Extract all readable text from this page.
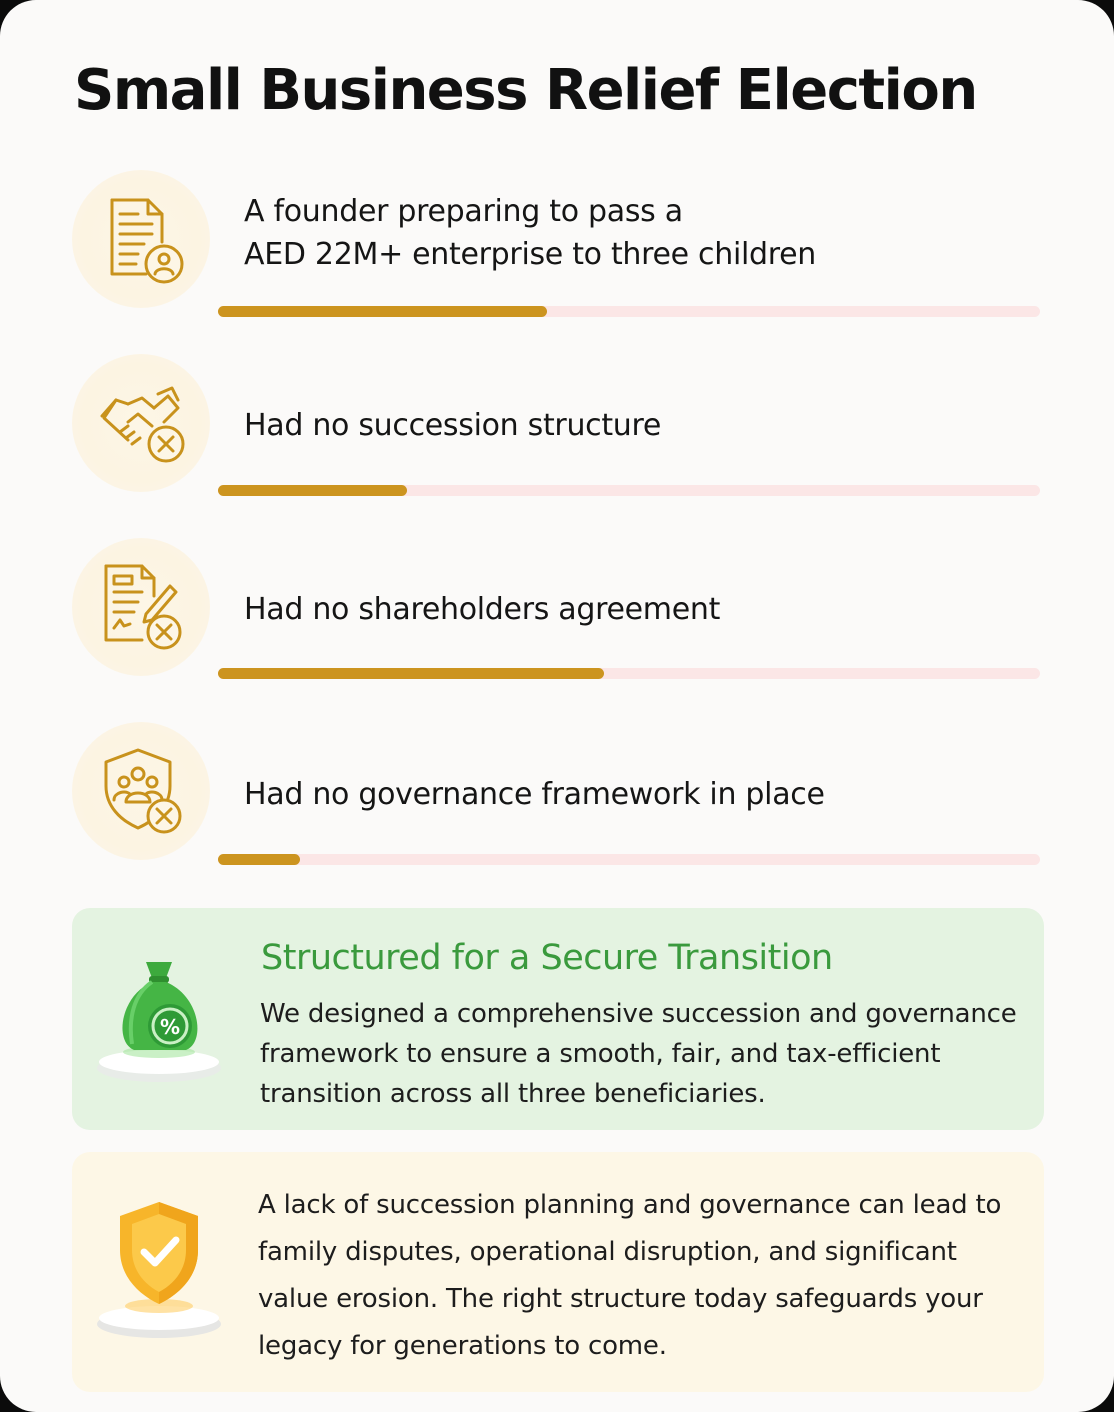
Small Business Relief Election
A founder preparing to pass a
AED 22M+ enterprise to three children
Had no succession structure
Had no shareholders agreement
Had no governance framework in place
%
Structured for a Secure Transition
We designed a comprehensive succession and governance framework to ensure a smooth, fair, and tax-efficient transition across all three beneficiaries.
A lack of succession planning and governance can lead to family disputes, operational disruption, and significant value erosion. The right structure today safeguards your legacy for generations to come.
